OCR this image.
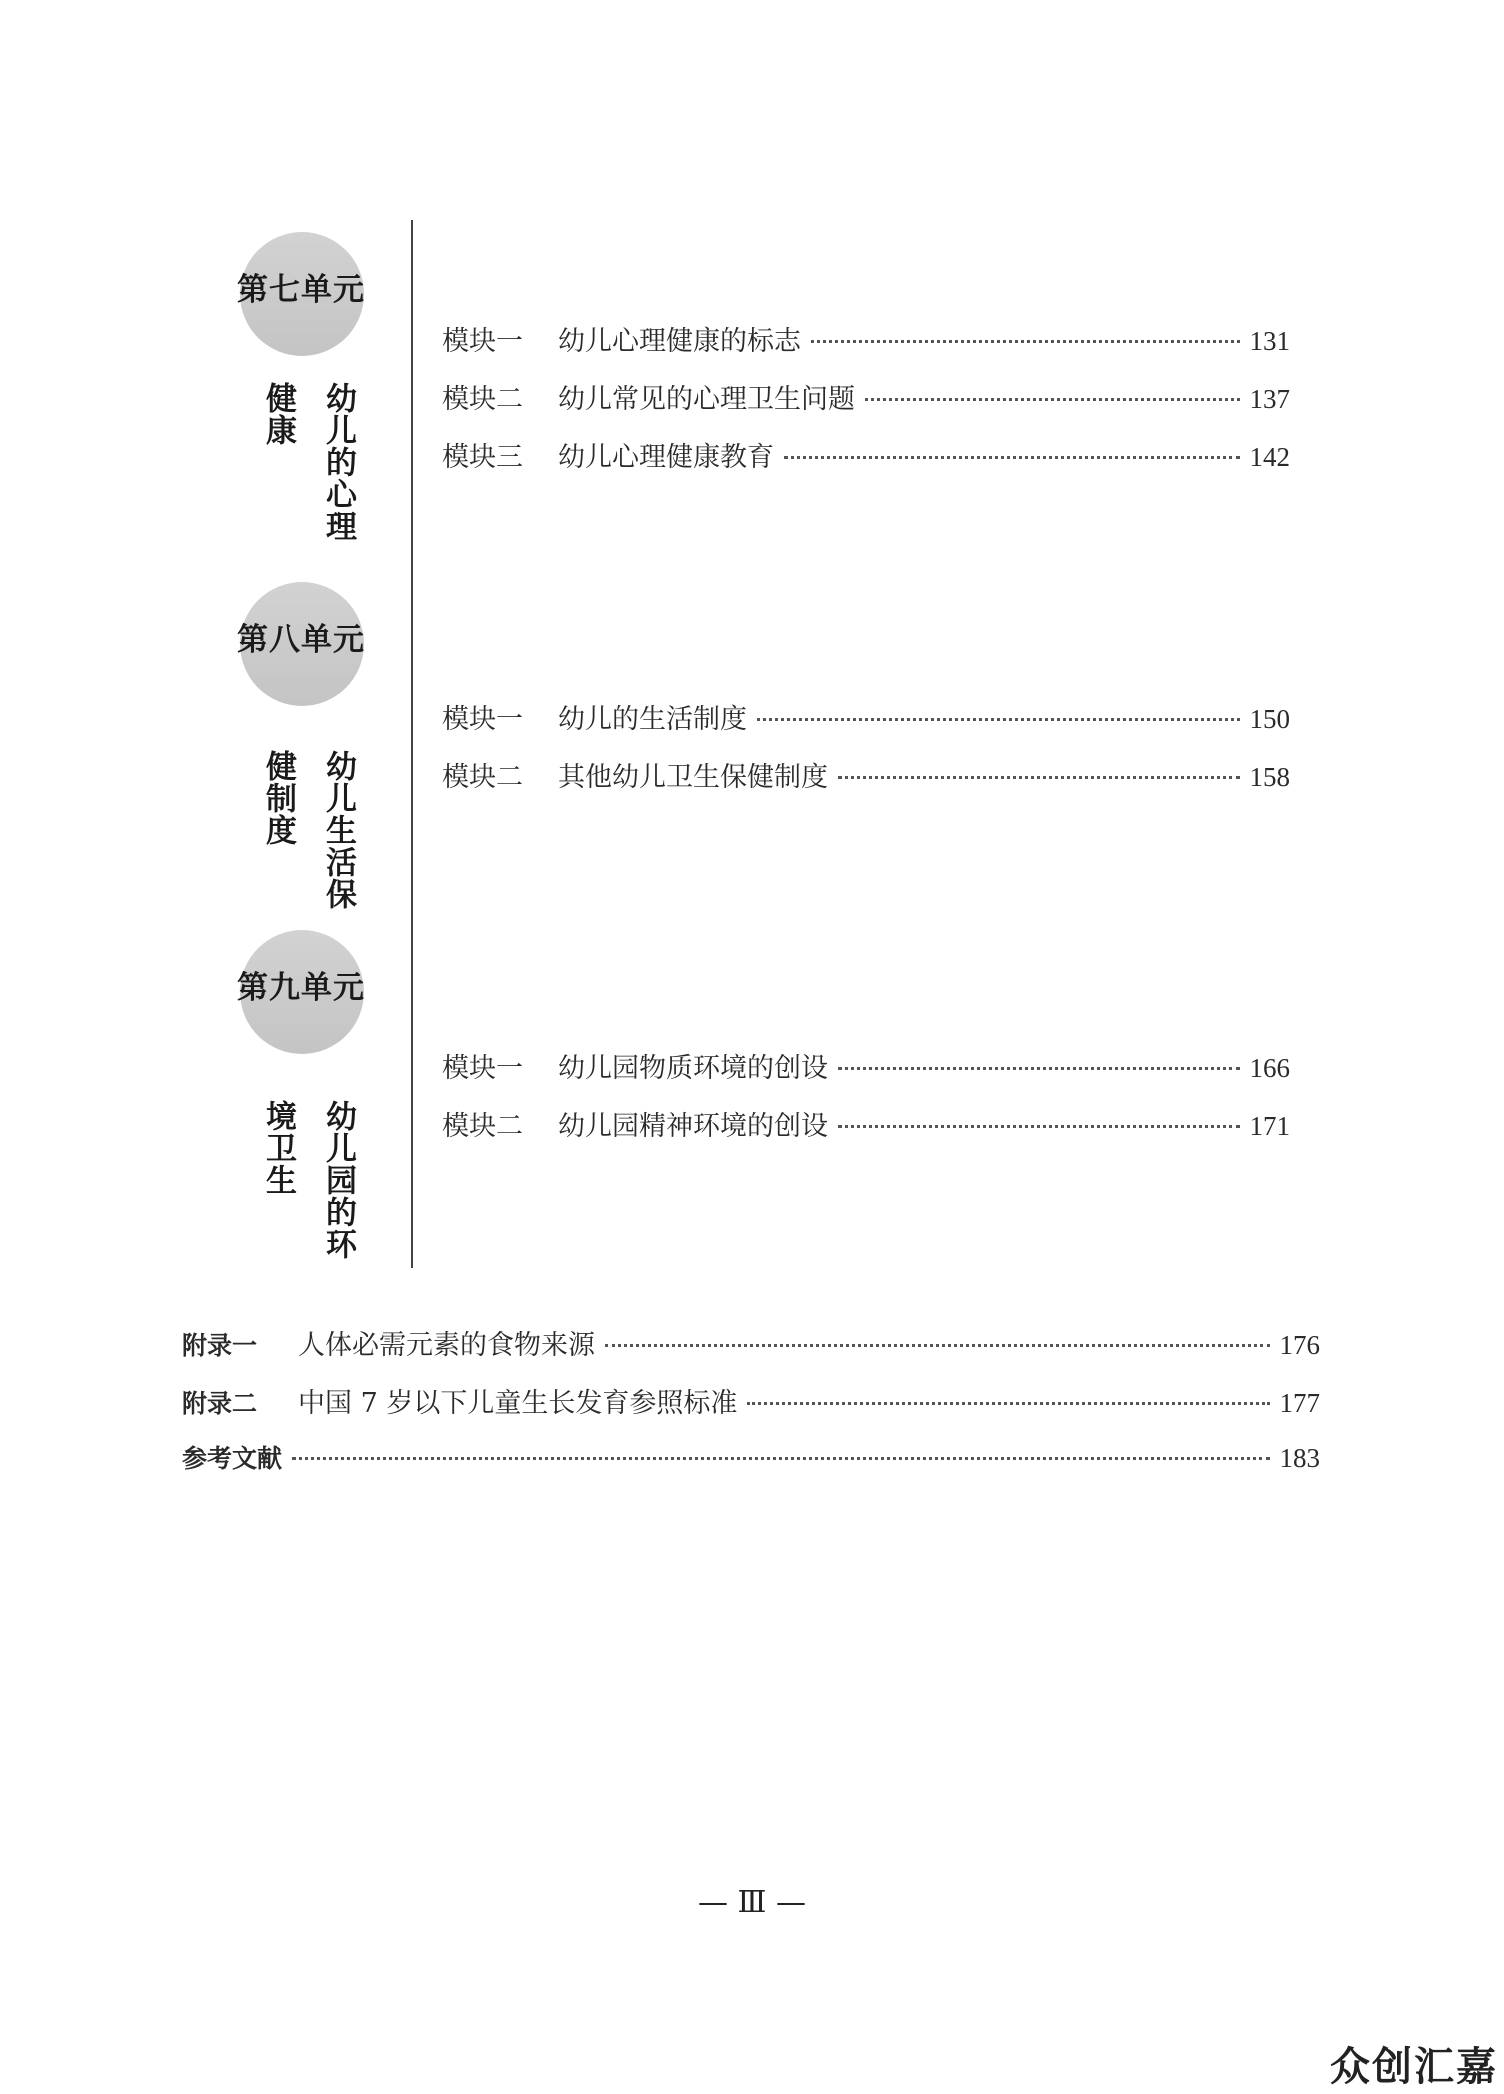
第七单元
幼儿的心理健康
模块一	幼儿心理健康的标志	131
模块二	幼儿常见的心理卫生问题	137
模块三	幼儿心理健康教育	142
第八单元
幼儿生活保健制度
模块一	幼儿的生活制度	150
模块二	其他幼儿卫生保健制度	158
第九单元
幼儿园的环境卫生
模块一	幼儿园物质环境的创设	166
模块二	幼儿园精神环境的创设	171
附录一	人体必需元素的食物来源	176
附录二	中国 7 岁以下儿童生长发育参照标准	177
参考文献	183
— Ⅲ —
众创汇嘉
